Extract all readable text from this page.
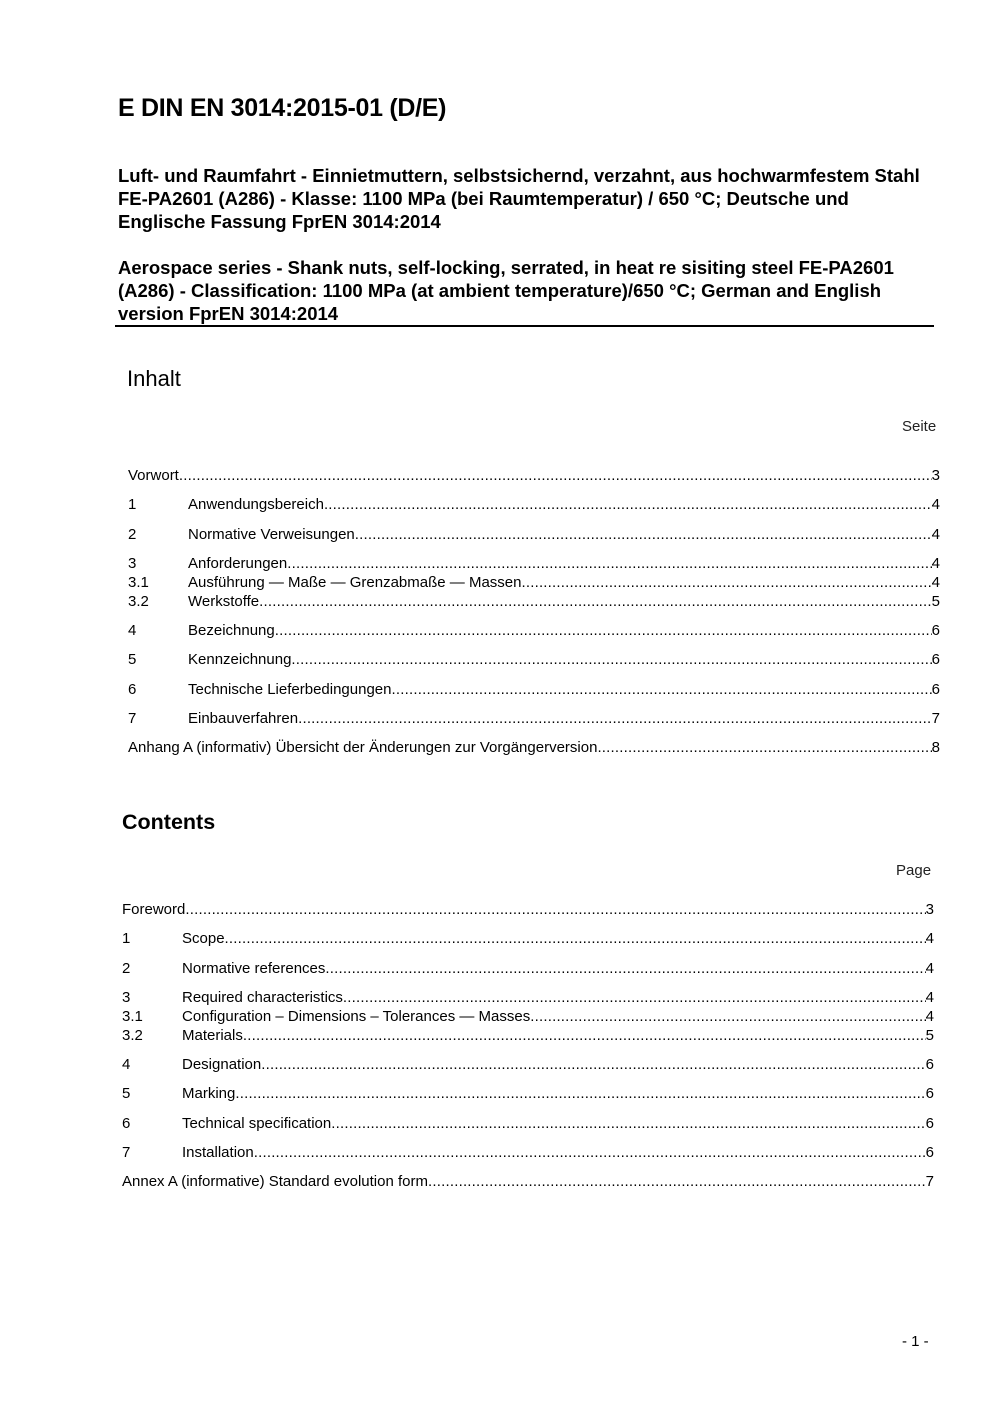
E DIN EN 3014:2015-01 (D/E)

Luft- und Raumfahrt - Einnietmuttern, selbstsichernd, verzahnt, aus hochwarmfestem Stahl FE-PA2601 (A286) - Klasse: 1100 MPa (bei Raumtemperatur) / 650 °C; Deutsche und Englische Fassung FprEN 3014:2014

Aerospace series - Shank nuts, self-locking, serrated, in heat re sisiting steel FE-PA2601 (A286) - Classification: 1100 MPa (at ambient temperature)/650 °C; German and English version FprEN 3014:2014

Inhalt
Seite
Vorwort .....	3
1	Anwendungsbereich .....	4
2	Normative Verweisungen .....	4
3	Anforderungen .....	4
3.1	Ausführung — Maße — Grenzabmaße — Massen .....	4
3.2	Werkstoffe .....	5
4	Bezeichnung .....	6
5	Kennzeichnung .....	6
6	Technische Lieferbedingungen .....	6
7	Einbauverfahren .....	7
Anhang A (informativ) Übersicht der Änderungen zur Vorgängerversion .....	8
Contents
Page
Foreword .....	3
1	Scope .....	4
2	Normative references .....	4
3	Required characteristics .....	4
3.1	Configuration – Dimensions – Tolerances — Masses .....	4
3.2	Materials .....	5
4	Designation .....	6
5	Marking .....	6
6	Technical specification .....	6
7	Installation .....	6
Annex A (informative) Standard evolution form .....	7
- 1 -
